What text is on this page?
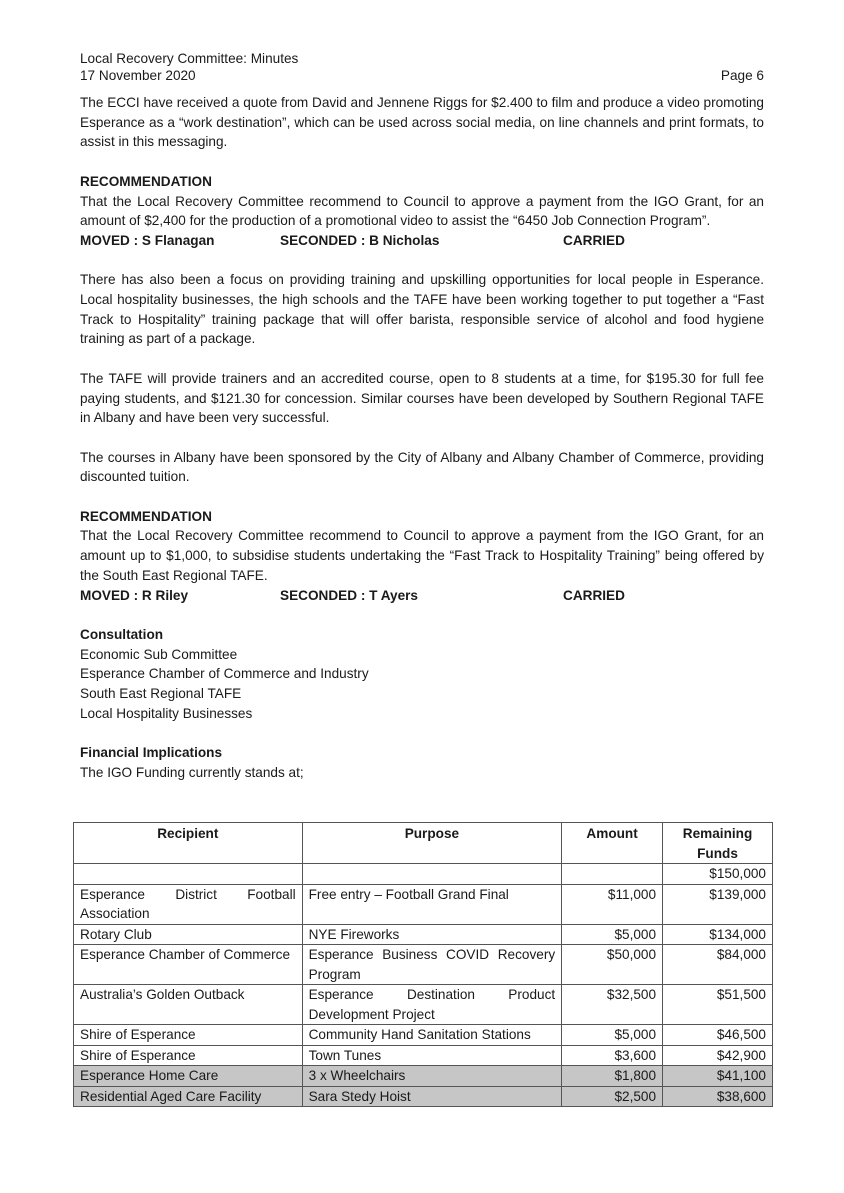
Local Recovery Committee: Minutes
17 November 2020	Page 6

The ECCI have received a quote from David and Jennene Riggs for $2.400 to film and produce a video promoting Esperance as a “work destination”, which can be used across social media, on line channels and print formats, to assist in this messaging.

RECOMMENDATION

That the Local Recovery Committee recommend to Council to approve a payment from the IGO Grant, for an amount of $2,400 for the production of a promotional video to assist the “6450 Job Connection Program”.

MOVED : S Flanagan	SECONDED : B Nicholas	CARRIED

There has also been a focus on providing training and upskilling opportunities for local people in Esperance. Local hospitality businesses, the high schools and the TAFE have been working together to put together a “Fast Track to Hospitality” training package that will offer barista, responsible service of alcohol and food hygiene training as part of a package.

The TAFE will provide trainers and an accredited course, open to 8 students at a time, for $195.30 for full fee paying students, and $121.30 for concession. Similar courses have been developed by Southern Regional TAFE in Albany and have been very successful.

The courses in Albany have been sponsored by the City of Albany and Albany Chamber of Commerce, providing discounted tuition.

RECOMMENDATION

That the Local Recovery Committee recommend to Council to approve a payment from the IGO Grant, for an amount up to $1,000, to subsidise students undertaking the “Fast Track to Hospitality Training” being offered by the South East Regional TAFE.

MOVED : R Riley	SECONDED : T Ayers	CARRIED

Consultation

Economic Sub Committee

Esperance Chamber of Commerce and Industry

South East Regional TAFE

Local Hospitality Businesses

Financial Implications

The IGO Funding currently stands at;

Recipient	Purpose	Amount	Remaining Funds
			$150,000
Esperance District Football Association	Free entry – Football Grand Final	$11,000	$139,000
Rotary Club	NYE Fireworks	$5,000	$134,000
Esperance Chamber of Commerce	Esperance Business COVID Recovery Program	$50,000	$84,000
Australia’s Golden Outback	Esperance Destination Product Development Project	$32,500	$51,500
Shire of Esperance	Community Hand Sanitation Stations	$5,000	$46,500
Shire of Esperance	Town Tunes	$3,600	$42,900
Esperance Home Care	3 x Wheelchairs	$1,800	$41,100
Residential Aged Care Facility	Sara Stedy Hoist	$2,500	$38,600
